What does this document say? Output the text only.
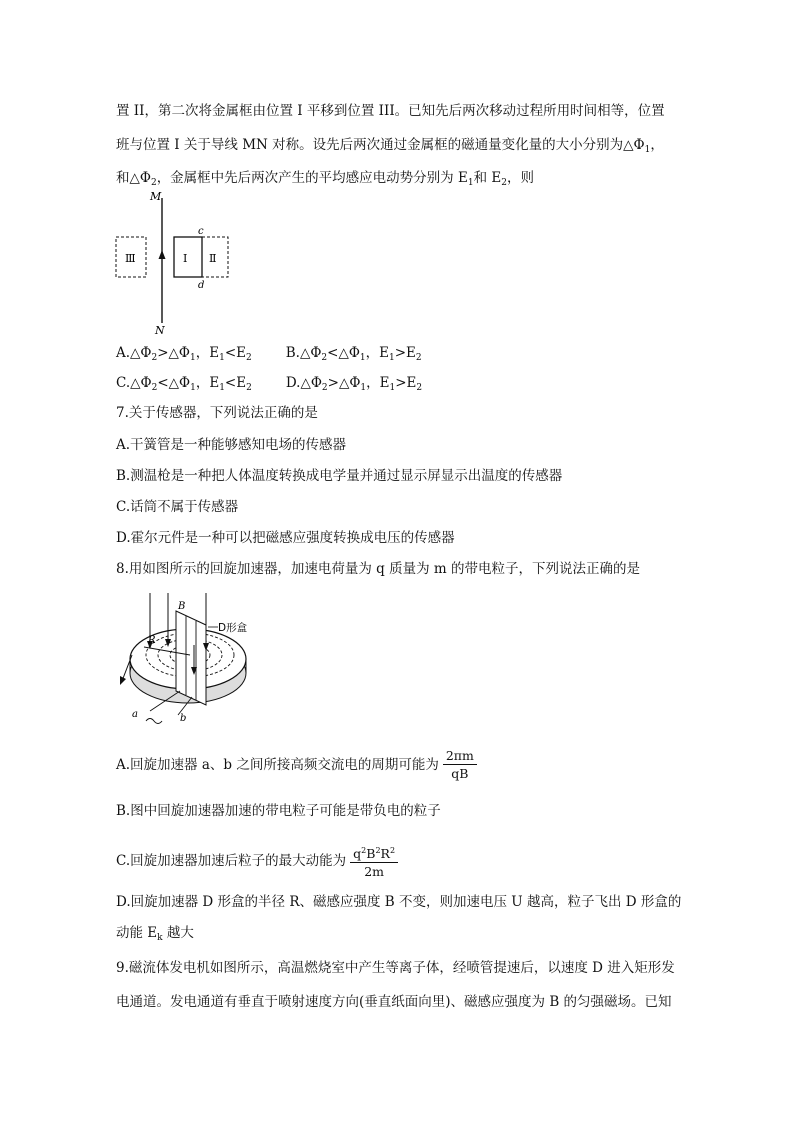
置 II，第二次将金属框由位置 I 平移到位置 III。已知先后两次移动过程所用时间相等，位置
班与位置 I 关于导线 MN 对称。设先后两次通过金属框的磁通量变化量的大小分别为$\triangle\Phi_1$，
和$\triangle\Phi_2$，金属框中先后两次产生的平均感应电动势分别为 $E_1$和 $E_2$，则
M
N
Ⅲ	Ⅰ Ⅱ
c
d
$A.\triangle\Phi_2>\triangle\Phi_1$，$E_1<E_2$	$B.\triangle\Phi_2<\triangle\Phi_1$，$E_1>E_2$
$C.\triangle\Phi_2<\triangle\Phi_1$，$E_1<E_2$	$D.\triangle\Phi_2>\triangle\Phi_1$，$E_1>E_2$
7.关于传感器，下列说法正确的是
A.干簧管是一种能够感知电场的传感器
B.测温枪是一种把人体温度转换成电学量并通过显示屏显示出温度的传感器
C.话筒不属于传感器
D.霍尔元件是一种可以把磁感应强度转换成电压的传感器
8.用如图所示的回旋加速器，加速电荷量为 q 质量为 m 的带电粒子，下列说法正确的是
R
B
D形盒
a	b
A.回旋加速器 a、b 之间所接高频交流电的周期可能为 $\frac{2\pi m}{qB}$
B.图中回旋加速器加速的带电粒子可能是带负电的粒子
C.回旋加速器加速后粒子的最大动能为 $\frac{q^2B^2R^2}{2m}$
D.回旋加速器 D 形盒的半径 R、磁感应强度 B 不变，则加速电压 U 越高，粒子飞出 D 形盒的
动能 $E_k$ 越大
9.磁流体发电机如图所示，高温燃烧室中产生等离子体，经喷管提速后，以速度 D 进入矩形发
电通道。发电通道有垂直于喷射速度方向(垂直纸面向里)、磁感应强度为 B 的匀强磁场。已知
